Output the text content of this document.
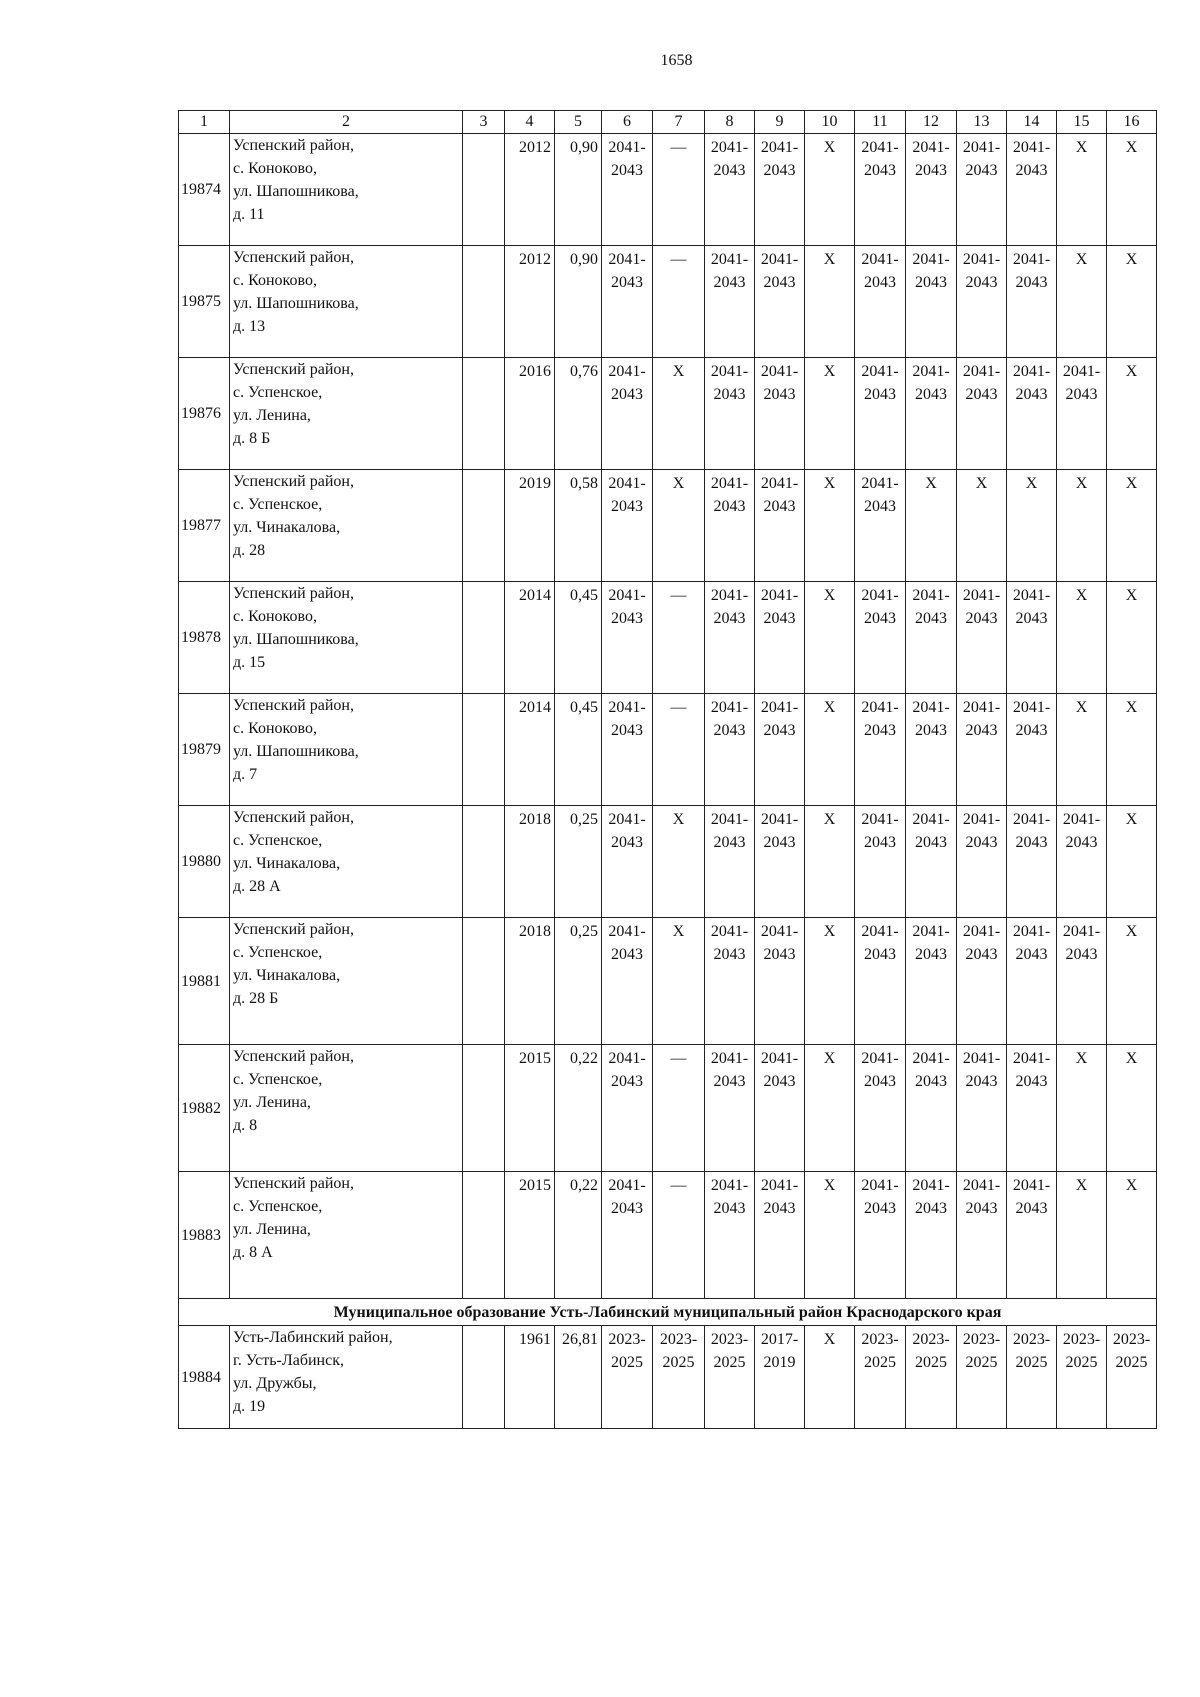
1658
1	2	3	4	5	6	7	8	9	10	11	12	13	14	15	16
19874	Успенский район,
с. Коноково,
ул. Шапошникова,
д. 11		2012	0,90	2041-
2043	—	2041-
2043	2041-
2043	X	2041-
2043	2041-
2043	2041-
2043	2041-
2043	X	X

19875	Успенский район,
с. Коноково,
ул. Шапошникова,
д. 13		2012	0,90	2041-
2043	—	2041-
2043	2041-
2043	X	2041-
2043	2041-
2043	2041-
2043	2041-
2043	X	X

19876	Успенский район,
с. Успенское,
ул. Ленина,
д. 8 Б		2016	0,76	2041-
2043	X	2041-
2043	2041-
2043	X	2041-
2043	2041-
2043	2041-
2043	2041-
2043	2041-
2043	X

19877	Успенский район,
с. Успенское,
ул. Чинакалова,
д. 28		2019	0,58	2041-
2043	X	2041-
2043	2041-
2043	X	2041-
2043	X	X	X	X	X

19878	Успенский район,
с. Коноково,
ул. Шапошникова,
д. 15		2014	0,45	2041-
2043	—	2041-
2043	2041-
2043	X	2041-
2043	2041-
2043	2041-
2043	2041-
2043	X	X

19879	Успенский район,
с. Коноково,
ул. Шапошникова,
д. 7		2014	0,45	2041-
2043	—	2041-
2043	2041-
2043	X	2041-
2043	2041-
2043	2041-
2043	2041-
2043	X	X

19880	Успенский район,
с. Успенское,
ул. Чинакалова,
д. 28 А		2018	0,25	2041-
2043	X	2041-
2043	2041-
2043	X	2041-
2043	2041-
2043	2041-
2043	2041-
2043	2041-
2043	X

19881	Успенский район,
с. Успенское,
ул. Чинакалова,
д. 28 Б		2018	0,25	2041-
2043	X	2041-
2043	2041-
2043	X	2041-
2043	2041-
2043	2041-
2043	2041-
2043	2041-
2043	X

19882	Успенский район,
с. Успенское,
ул. Ленина,
д. 8		2015	0,22	2041-
2043	—	2041-
2043	2041-
2043	X	2041-
2043	2041-
2043	2041-
2043	2041-
2043	X	X

19883	Успенский район,
с. Успенское,
ул. Ленина,
д. 8 А		2015	0,22	2041-
2043	—	2041-
2043	2041-
2043	X	2041-
2043	2041-
2043	2041-
2043	2041-
2043	X	X

Муниципальное образование Усть-Лабинский муниципальный район Краснодарского края															
19884	Усть-Лабинский район,
г. Усть-Лабинск,
ул. Дружбы,
д. 19		1961	26,81	2023-
2025	2023-
2025	2023-
2025	2017-
2019	X	2023-
2025	2023-
2025	2023-
2025	2023-
2025	2023-
2025	2023-
2025
